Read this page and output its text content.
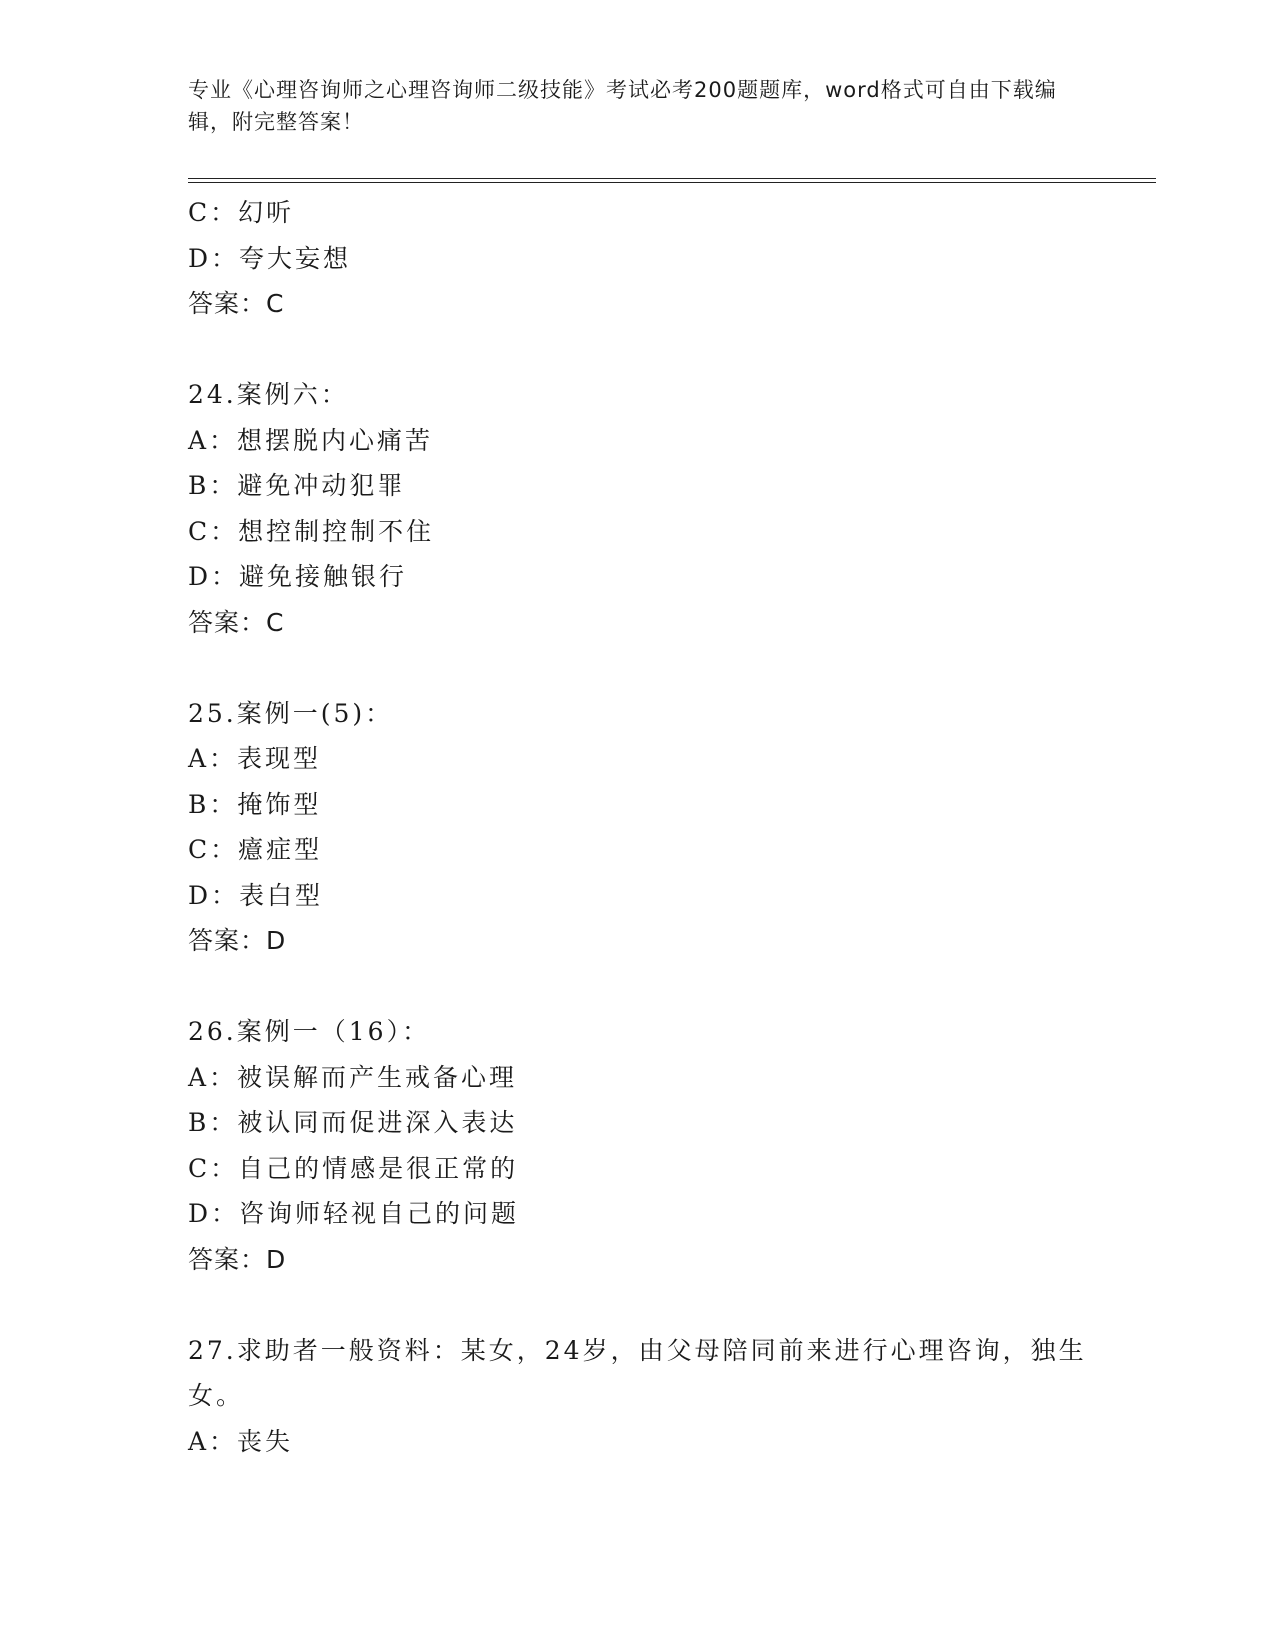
专业《心理咨询师之心理咨询师二级技能》考试必考200题题库，word格式可自由下载编辑，附完整答案！
C：幻听
D：夸大妄想
答案：C
24.案例六：
A：想摆脱内心痛苦
B：避免冲动犯罪
C：想控制控制不住
D：避免接触银行
答案：C
25.案例一(5)：
A：表现型
B：掩饰型
C：癔症型
D：表白型
答案：D
26.案例一（16）：
A：被误解而产生戒备心理
B：被认同而促进深入表达
C：自己的情感是很正常的
D：咨询师轻视自己的问题
答案：D
27.求助者一般资料：某女，24岁，由父母陪同前来进行心理咨询，独生女。
A：丧失
